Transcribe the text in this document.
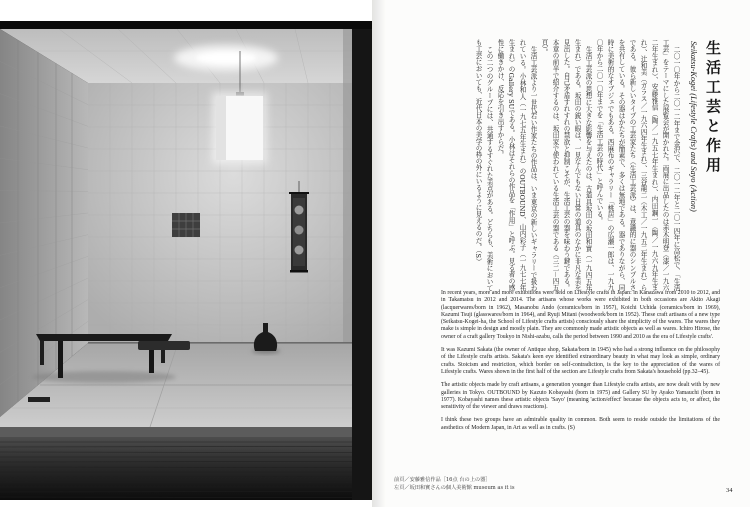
生活工芸と作用
Seikatsu-Kogei (Lifestyle Crafts) and Sayo (Action)

二〇一〇年から二〇一二年まで金沢で、二〇一二年と二〇一四年に高松で、「生活工芸」をテーマにした展覧会が開かれた。両展に出品したのは赤木明登（漆／一九六二年生まれ）、安藤雅信（陶／一九五七年生まれ）、内田鋼一（陶／一九六九年生まれ）、辻和美（ガラス／一九六四年生まれ）、三谷龍二（木工／一九五二年生まれ）らである。彼ら新しいタイプの工芸家たち（生活工芸派）は、意識的に器のシンプルさを共有している。その器はかたちが簡素で、多くは無地である。器でありながら、同時に美術的なオブジェでもある。西麻布のギャラリー「桃居」の広瀬一郎は、一九九〇年から二〇一〇年までを「生活工芸の時代」と呼んでいる。

生活工芸派の思想に大きな影響を与えたのは、古道具坂田の坂田和實（一九四五年生まれ）である。坂田の鋭い眼は、一見なんでもない日常の道具のなかに非凡な美を見出した。自己矛盾すれすれの禁欲と抑制こそが、生活工芸の器を味わう鍵である。本章の前半で紹介するのは、坂田家で使われている生活工芸の器である（三二－四五頁）。

生活工芸派より一世代若い作家たちの作品は、いま東京の新しいギャラリーで扱われている。小林和人（一九七五年生まれ）のOUTBOUND、山内彩子（一九七七年生まれ）のGallery SUである。小林はそれらの作品を「作用」と呼ぶ。見る者の感性に働きかけ、反応を引き出すからだ。

この二つのグループには、共通するすぐれた美点がある。どちらも、美術においても工芸においても、近代日本の美学の枠の外にいるように見えるのだ。（S）

In recent years, more and more exhibitions were held on Lifestyle crafts in Japan: in Kanazawa from 2010 to 2012, and in Takamatsu in 2012 and 2014. The artisans whose works were exhibited in both occasions are Akito Akagi (lacquerwares/born in 1962), Masanobu Ando (ceramics/born in 1957), Koichi Uchida (ceramics/born in 1969), Kazumi Tsuji (glasswares/born in 1964), and Ryuji Mitani (woodwork/born in 1952). These craft artisans of a new type (Seikatsu-Kogei-ha, the School of Lifestyle crafts artists) consciously share the simplicity of the wares. The wares they make is simple in design and mostly plain. They are commonly made artistic objects as well as wares. Ichiro Hirose, the owner of a craft gallery Toukyo in Nishi-azabu, calls the period between 1990 and 2010 as the era of Lifestyle crafts'.

It was Kazumi Sakata (the owner of Antique shop, Sakata/born in 1945) who had a strong influence on the philosophy of the Lifestyle crafts artists. Sakata's keen eye identified extraordinary beauty in what may look as simple, ordinary crafts. Stoicism and restriction, which border on self-contradiction, is the key to the appreciation of the wares of Lifestyle crafts. Wares shown in the first half of the section are Lifestyle crafts from Sakata's household (pp.32–45).

The artistic objects made by craft artisans, a generation younger than Lifestyle crafts artists, are now dealt with by new galleries in Tokyo. OUTBOUND by Kazuto Kobayashi (born in 1975) and Gallery SU by Ayako Yamauchi (born in 1977). Kobayashi names these artistic objects 'Sayo' (meaning 'action/effect' because the objects acts to, or affect, the sensitivity of the viewer and draws reactions).

I think these two groups have an admirable quality in common. Both seem to reside outside the limitations of the aesthetics of Modern Japan, in Art as well as in crafts. (S)

前頁／安藤雅信作品［16点 台の上の器］
左頁／坂田和實さんの個人美術館 museum as it is	34
